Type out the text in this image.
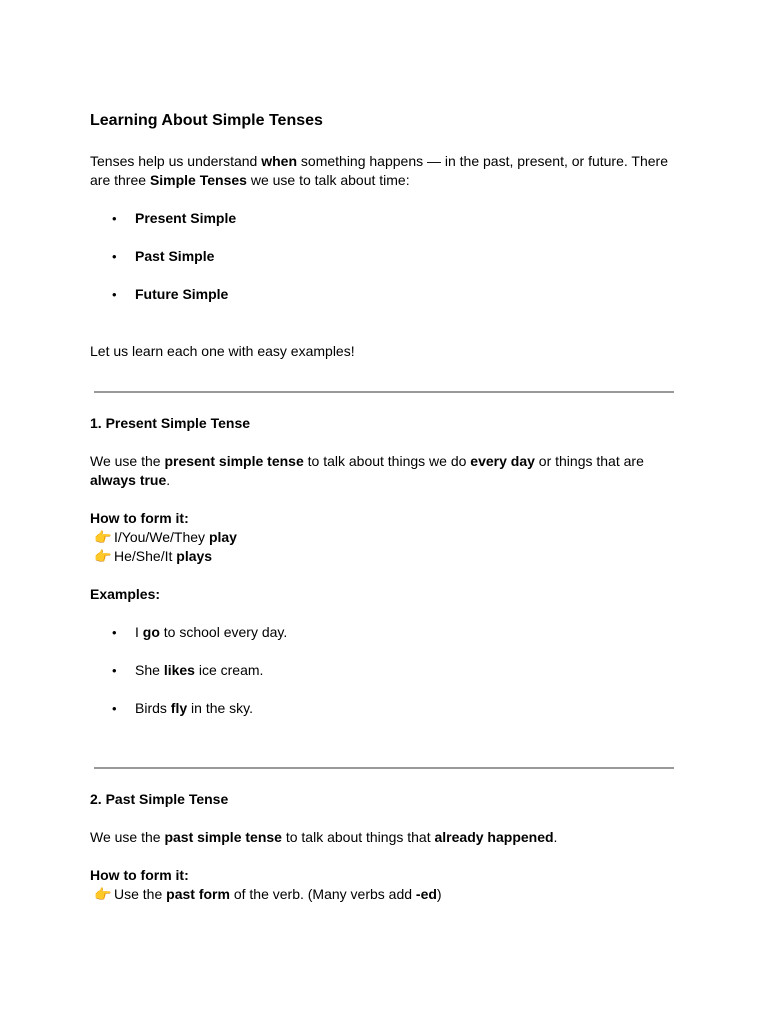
Learning About Simple Tenses

Tenses help us understand when something happens — in the past, present, or future. There are three Simple Tenses we use to talk about time:

• Present Simple
• Past Simple
• Future Simple

Let us learn each one with easy examples!

1. Present Simple Tense

We use the present simple tense to talk about things we do every day or things that are
always true.

How to form it:

👉 I/You/We/They play

👉 He/She/It plays

Examples:

• I go to school every day.
• She likes ice cream.
• Birds fly in the sky.

2. Past Simple Tense

We use the past simple tense to talk about things that already happened.

How to form it:

👉 Use the past form of the verb. (Many verbs add -ed)
